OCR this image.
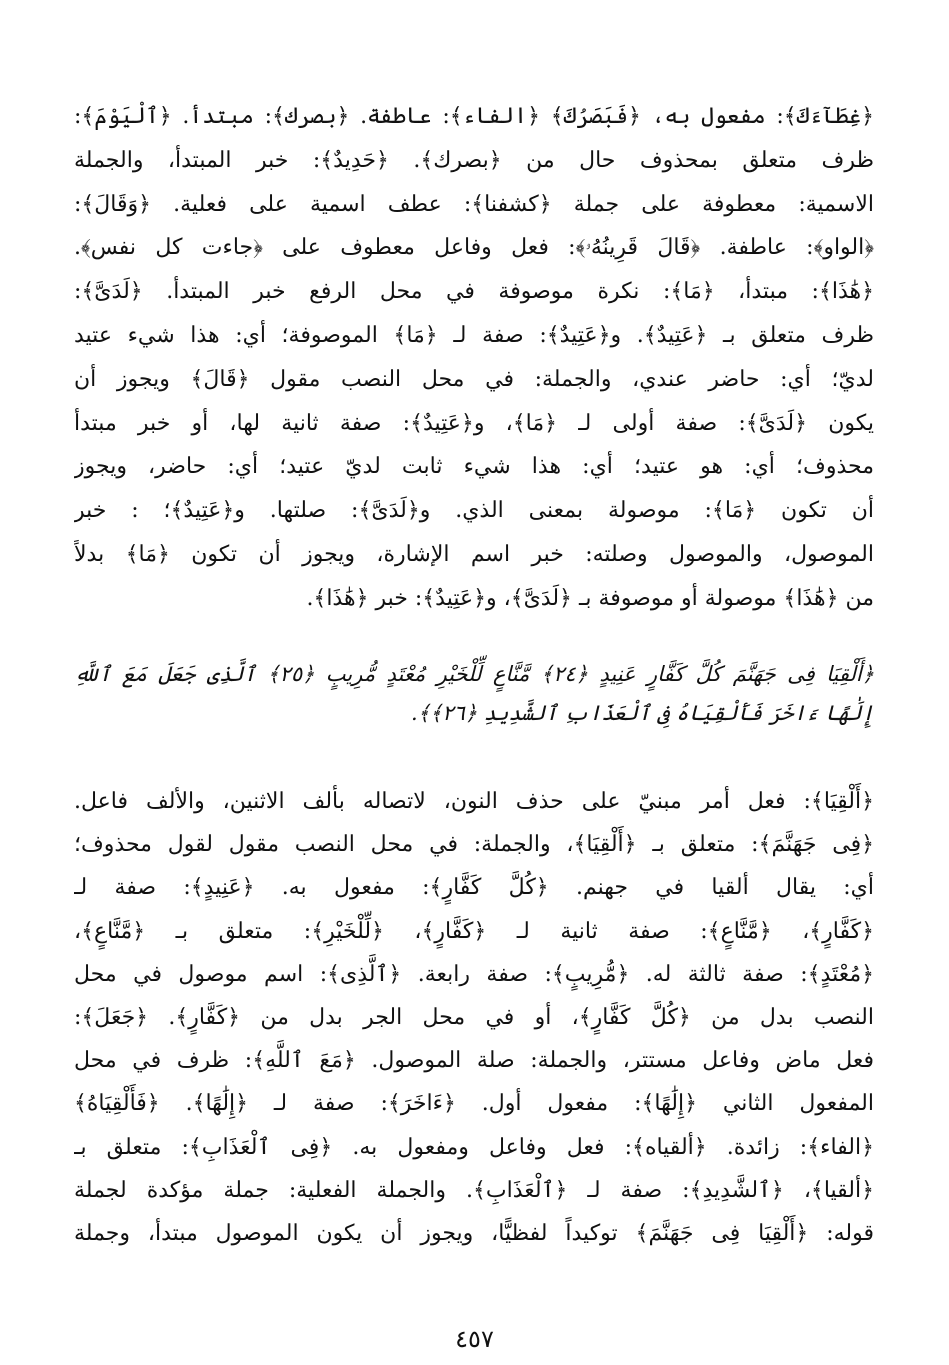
﴿غِطَآءَكَ﴾: مفعول به، ﴿فَبَصَرُكَ﴾ ﴿الفاء﴾: عاطفة. ﴿بصرك﴾: مبتدأ. ﴿ٱلْيَوْمَ﴾:
ظرف متعلق بمحذوف حال من ﴿بصرك﴾. ﴿حَدِيدٌ﴾: خبر المبتدأ، والجملة
الاسمية: معطوفة على جملة ﴿كشفنا﴾: عطف اسمية على فعلية. ﴿وَقَالَ﴾:
﴿الواو﴾: عاطفة. ﴿قَالَ قَرِينُهُۥ﴾: فعل وفاعل معطوف على ﴿جاءت كل نفس﴾.
﴿هَٰذَا﴾: مبتدأ، ﴿مَا﴾: نكرة موصوفة في محل الرفع خبر المبتدأ. ﴿لَدَىَّ﴾:
ظرف متعلق بـ ﴿عَتِيدٌ﴾. و﴿عَتِيدٌ﴾: صفة لـ ﴿مَا﴾ الموصوفة؛ أي: هذا شيء عتيد
لديّ؛ أي: حاضر عندي، والجملة: في محل النصب مقول ﴿قَالَ﴾ ويجوز أن
يكون ﴿لَدَىَّ﴾: صفة أولى لـ ﴿مَا﴾، و﴿عَتِيدٌ﴾: صفة ثانية لها، أو خبر مبتدأ
محذوف؛ أي: هو عتيد؛ أي: هذا شيء ثابت لديّ عتيد؛ أي: حاضر، ويجوز
أن تكون ﴿مَا﴾: موصولة بمعنى الذي. و﴿لَدَىَّ﴾: صلتها. و﴿عَتِيدٌ﴾؛ : خبر
الموصول، والموصول وصلته: خبر اسم الإشارة، ويجوز أن تكون ﴿مَا﴾ بدلاً
من ﴿هَٰذَا﴾ موصولة أو موصوفة بـ ﴿لَدَىَّ﴾، و﴿عَتِيدٌ﴾: خبر ﴿هَٰذَا﴾.
﴿أَلْقِيَا فِى جَهَنَّمَ كُلَّ كَفَّارٍ عَنِيدٍ ﴿٢٤﴾ مَّنَّاعٍ لِّلْخَيْرِ مُعْتَدٍ مُّرِيبٍ ﴿٢٥﴾ ٱلَّذِى جَعَلَ مَعَ ٱللَّهِ
إِلَٰهًا ءَاخَرَ فَأَلْقِيَاهُ فِى ٱلْعَذَابِ ٱلشَّدِيدِ ﴿٢٦﴾﴾.
﴿أَلْقِيَا﴾: فعل أمر مبنيّ على حذف النون، لاتصاله بألف الاثنين، والألف فاعل.
﴿فِى جَهَنَّمَ﴾: متعلق بـ ﴿أَلْقِيَا﴾، والجملة: في محل النصب مقول لقول محذوف؛
أي: يقال ألقيا في جهنم. ﴿كُلَّ كَفَّارٍ﴾: مفعول به. ﴿عَنِيدٍ﴾: صفة لـ
﴿كَفَّارٍ﴾، ﴿مَّنَّاعٍ﴾: صفة ثانية لـ ﴿كَفَّارٍ﴾، ﴿لِّلْخَيْرِ﴾: متعلق بـ ﴿مَّنَّاعٍ﴾،
﴿مُعْتَدٍ﴾: صفة ثالثة له. ﴿مُّرِيبٍ﴾: صفة رابعة. ﴿ٱلَّذِى﴾: اسم موصول في محل
النصب بدل من ﴿كُلَّ كَفَّارٍ﴾، أو في محل الجر بدل من ﴿كَفَّارٍ﴾. ﴿جَعَلَ﴾:
فعل ماض وفاعل مستتر، والجملة: صلة الموصول. ﴿مَعَ ٱللَّهِ﴾: ظرف في محل
المفعول الثاني ﴿إِلَٰهًا﴾: مفعول أول. ﴿ءَاخَرَ﴾: صفة لـ ﴿إِلَٰهًا﴾. ﴿فَأَلْقِيَاهُ﴾
﴿الفاء﴾: زائدة. ﴿ألقياه﴾: فعل وفاعل ومفعول به. ﴿فِى ٱلْعَذَابِ﴾: متعلق بـ
﴿ألقيا﴾، ﴿ٱلشَّدِيدِ﴾: صفة لـ ﴿ٱلْعَذَابِ﴾. والجملة الفعلية: جملة مؤكدة لجملة
قوله: ﴿أَلْقِيَا فِى جَهَنَّمَ﴾ توكيداً لفظيًّا، ويجوز أن يكون الموصول مبتدأ، وجملة
٤٥٧
